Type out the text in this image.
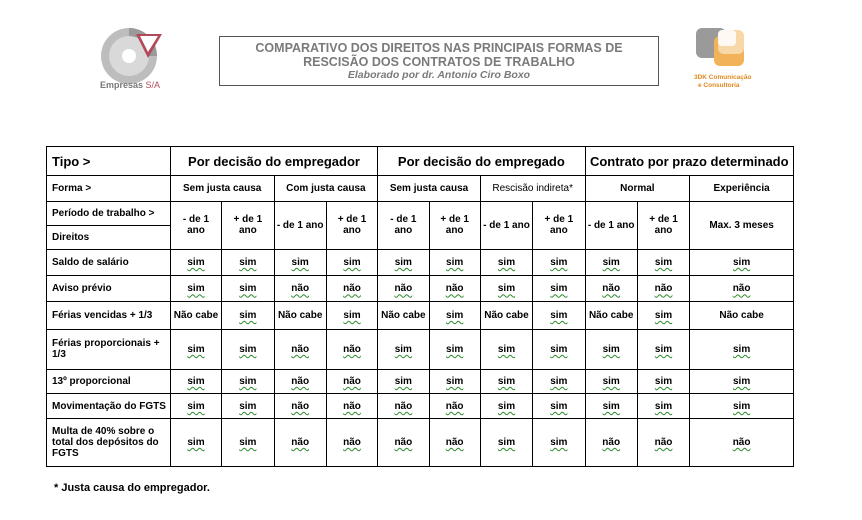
Empresas S/A
COMPARATIVO DOS DIREITOS NAS PRINCIPAIS FORMAS DE
RESCISÃO DOS CONTRATOS DE TRABALHO
Elaborado por dr. Antonio Ciro Boxo	3DK Comunicação
e Consultoria
Tipo >	Por decisão do empregador				Por decisão do empregado				Contrato por prazo determinado		
Forma >	Sem justa causa		Com justa causa		Sem justa causa		Rescisão indireta*		Normal		Experiência
Período de trabalho >	- de 1 ano	+ de 1 ano	- de 1 ano	+ de 1 ano	- de 1 ano	+ de 1 ano	- de 1 ano	+ de 1 ano	- de 1 ano	+ de 1 ano	Max. 3 meses
Direitos											
Saldo de salário	sim	sim	sim	sim	sim	sim	sim	sim	sim	sim	sim
Aviso prévio	sim	sim	não	não	não	não	sim	sim	não	não	não
Férias vencidas + 1/3	Não cabe	sim	Não cabe	sim	Não cabe	sim	Não cabe	sim	Não cabe	sim	Não cabe
Férias proporcionais + 1/3	sim	sim	não	não	sim	sim	sim	sim	sim	sim	sim
13º proporcional	sim	sim	não	não	sim	sim	sim	sim	sim	sim	sim
Movimentação do FGTS	sim	sim	não	não	não	não	sim	sim	sim	sim	sim
Multa de 40% sobre o total dos depósitos do FGTS	sim	sim	não	não	não	não	sim	sim	não	não	não
* Justa causa do empregador.
